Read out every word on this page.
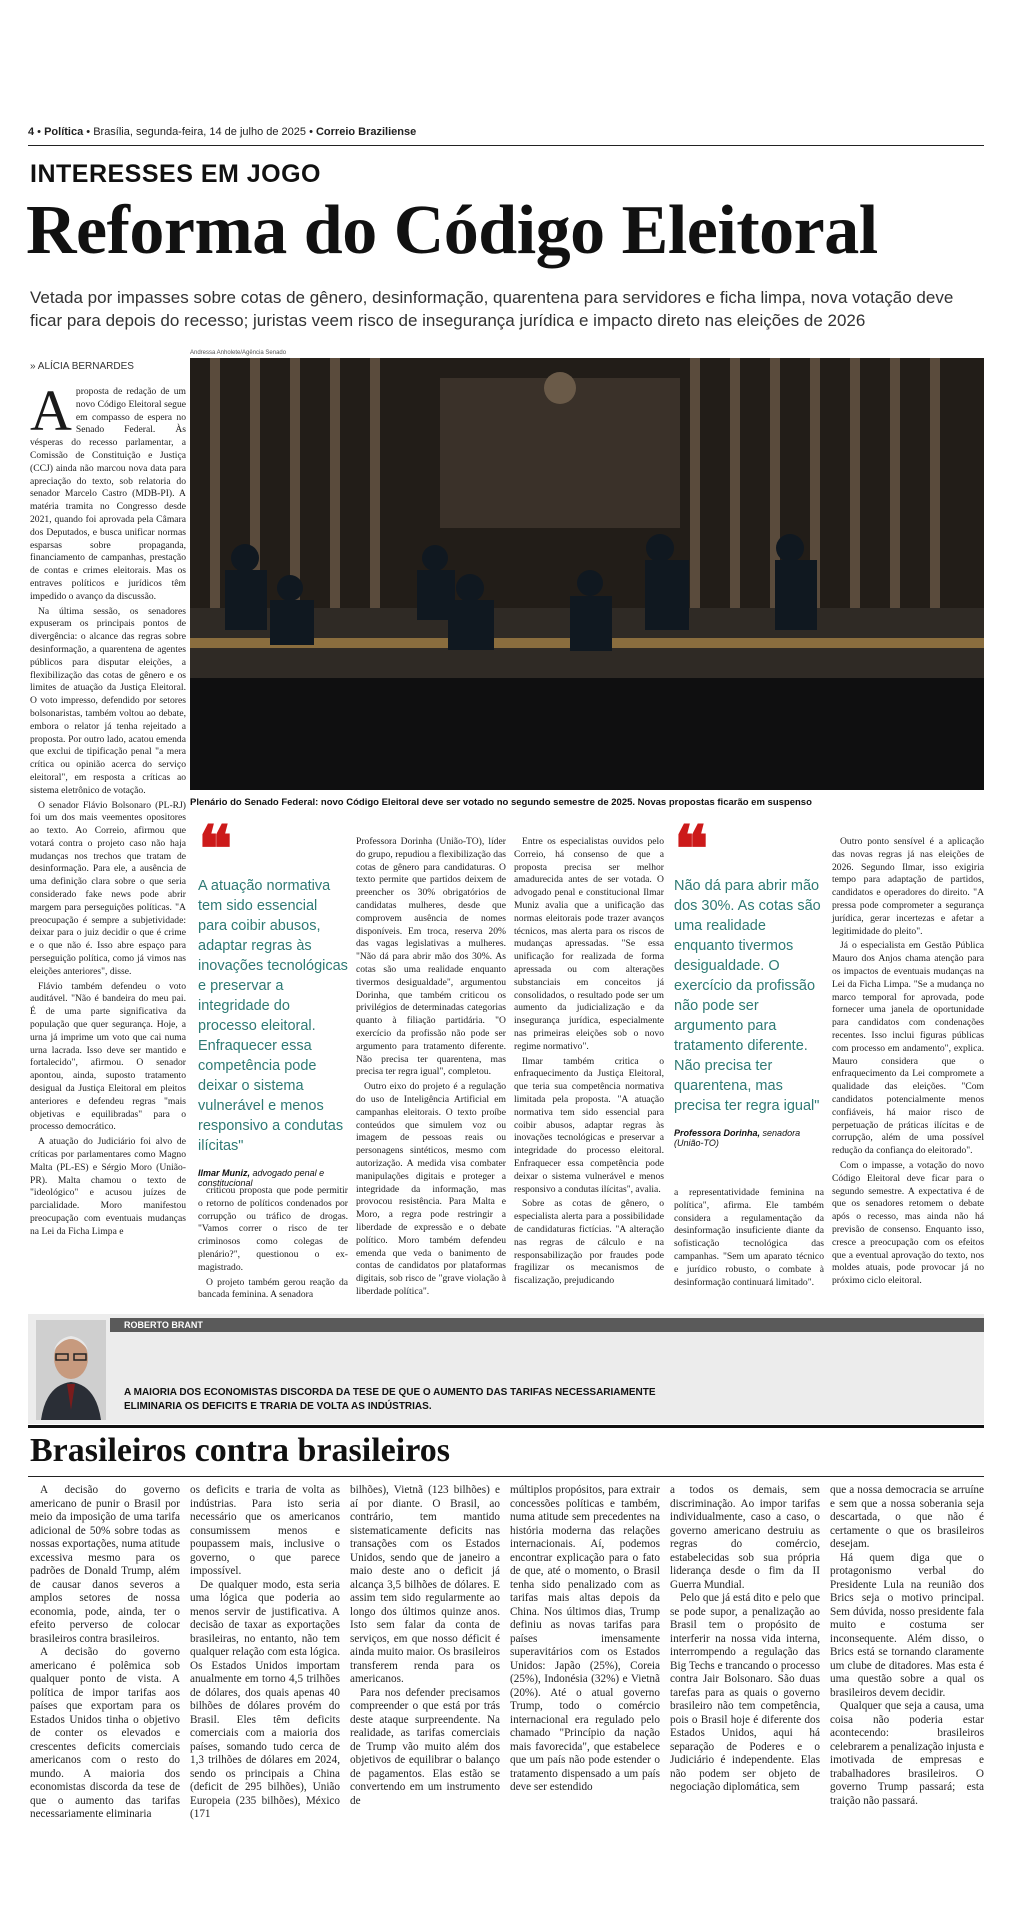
4 • Política • Brasília, segunda-feira, 14 de julho de 2025 • Correio Braziliense
INTERESSES EM JOGO
Reforma do Código Eleitoral
Vetada por impasses sobre cotas de gênero, desinformação, quarentena para servidores e ficha limpa, nova votação deve ficar para depois do recesso; juristas veem risco de insegurança jurídica e impacto direto nas eleições de 2026
» ALÍCIA BERNARDES
Andressa Anholete/Agência Senado
Plenário do Senado Federal: novo Código Eleitoral deve ser votado no segundo semestre de 2025. Novas propostas ficarão em suspenso

Aproposta de redação de um novo Código Eleitoral segue em compasso de espera no Senado Federal. Às vésperas do recesso parlamentar, a Comissão de Constituição e Justiça (CCJ) ainda não marcou nova data para apreciação do texto, sob relatoria do senador Marcelo Castro (MDB-PI). A matéria tramita no Congresso desde 2021, quando foi aprovada pela Câmara dos Deputados, e busca unificar normas esparsas sobre propaganda, financiamento de campanhas, prestação de contas e crimes eleitorais. Mas os entraves políticos e jurídicos têm impedido o avanço da discussão.

Na última sessão, os senadores expuseram os principais pontos de divergência: o alcance das regras sobre desinformação, a quarentena de agentes públicos para disputar eleições, a flexibilização das cotas de gênero e os limites de atuação da Justiça Eleitoral. O voto impresso, defendido por setores bolsonaristas, também voltou ao debate, embora o relator já tenha rejeitado a proposta. Por outro lado, acatou emenda que exclui de tipificação penal "a mera crítica ou opinião acerca do serviço eleitoral", em resposta a críticas ao sistema eletrônico de votação.

O senador Flávio Bolsonaro (PL-RJ) foi um dos mais veementes opositores ao texto. Ao Correio, afirmou que votará contra o projeto caso não haja mudanças nos trechos que tratam de desinformação. Para ele, a ausência de uma definição clara sobre o que seria considerado fake news pode abrir margem para perseguições políticas. "A preocupação é sempre a subjetividade: deixar para o juiz decidir o que é crime e o que não é. Isso abre espaço para perseguição política, como já vimos nas eleições anteriores", disse.

Flávio também defendeu o voto auditável. "Não é bandeira do meu pai. É de uma parte significativa da população que quer segurança. Hoje, a urna já imprime um voto que cai numa urna lacrada. Isso deve ser mantido e fortalecido", afirmou. O senador apontou, ainda, suposto tratamento desigual da Justiça Eleitoral em pleitos anteriores e defendeu regras "mais objetivas e equilibradas" para o processo democrático.

A atuação do Judiciário foi alvo de críticas por parlamentares como Magno Malta (PL-ES) e Sérgio Moro (União-PR). Malta chamou o texto de "ideológico" e acusou juízes de parcialidade. Moro manifestou preocupação com eventuais mudanças na Lei da Ficha Limpa e

❝
A atuação normativa tem sido essencial para coibir abusos, adaptar regras às inovações tecnológicas e preservar a integridade do processo eleitoral. Enfraquecer essa competência pode deixar o sistema vulnerável e menos responsivo a condutas ilícitas"
Ilmar Muniz, advogado penal e constitucional

criticou proposta que pode permitir o retorno de políticos condenados por corrupção ou tráfico de drogas. "Vamos correr o risco de ter criminosos como colegas de plenário?", questionou o ex-magistrado.

O projeto também gerou reação da bancada feminina. A senadora

Professora Dorinha (União-TO), líder do grupo, repudiou a flexibilização das cotas de gênero para candidaturas. O texto permite que partidos deixem de preencher os 30% obrigatórios de candidatas mulheres, desde que comprovem ausência de nomes disponíveis. Em troca, reserva 20% das vagas legislativas a mulheres. "Não dá para abrir mão dos 30%. As cotas são uma realidade enquanto tivermos desigualdade", argumentou Dorinha, que também criticou os privilégios de determinadas categorias quanto à filiação partidária. "O exercício da profissão não pode ser argumento para tratamento diferente. Não precisa ter quarentena, mas precisa ter regra igual", completou.

Outro eixo do projeto é a regulação do uso de Inteligência Artificial em campanhas eleitorais. O texto proíbe conteúdos que simulem voz ou imagem de pessoas reais ou personagens sintéticos, mesmo com autorização. A medida visa combater manipulações digitais e proteger a integridade da informação, mas provocou resistência. Para Malta e Moro, a regra pode restringir a liberdade de expressão e o debate político. Moro também defendeu emenda que veda o banimento de contas de candidatos por plataformas digitais, sob risco de "grave violação à liberdade política".

Entre os especialistas ouvidos pelo Correio, há consenso de que a proposta precisa ser melhor amadurecida antes de ser votada. O advogado penal e constitucional Ilmar Muniz avalia que a unificação das normas eleitorais pode trazer avanços técnicos, mas alerta para os riscos de mudanças apressadas. "Se essa unificação for realizada de forma apressada ou com alterações substanciais em conceitos já consolidados, o resultado pode ser um aumento da judicialização e da insegurança jurídica, especialmente nas primeiras eleições sob o novo regime normativo".

Ilmar também critica o enfraquecimento da Justiça Eleitoral, que teria sua competência normativa limitada pela proposta. "A atuação normativa tem sido essencial para coibir abusos, adaptar regras às inovações tecnológicas e preservar a integridade do processo eleitoral. Enfraquecer essa competência pode deixar o sistema vulnerável e menos responsivo a condutas ilícitas", avalia.

Sobre as cotas de gênero, o especialista alerta para a possibilidade de candidaturas fictícias. "A alteração nas regras de cálculo e na responsabilização por fraudes pode fragilizar os mecanismos de fiscalização, prejudicando

❝
Não dá para abrir mão dos 30%. As cotas são uma realidade enquanto tivermos desigualdade. O exercício da profissão não pode ser argumento para tratamento diferente. Não precisa ter quarentena, mas precisa ter regra igual"
Professora Dorinha, senadora (União-TO)

a representatividade feminina na política", afirma. Ele também considera a regulamentação da desinformação insuficiente diante da sofisticação tecnológica das campanhas. "Sem um aparato técnico e jurídico robusto, o combate à desinformação continuará limitado".

Outro ponto sensível é a aplicação das novas regras já nas eleições de 2026. Segundo Ilmar, isso exigiria tempo para adaptação de partidos, candidatos e operadores do direito. "A pressa pode comprometer a segurança jurídica, gerar incertezas e afetar a legitimidade do pleito".

Já o especialista em Gestão Pública Mauro dos Anjos chama atenção para os impactos de eventuais mudanças na Lei da Ficha Limpa. "Se a mudança no marco temporal for aprovada, pode fornecer uma janela de oportunidade para candidatos com condenações recentes. Isso inclui figuras públicas com processo em andamento", explica. Mauro considera que o enfraquecimento da Lei compromete a qualidade das eleições. "Com candidatos potencialmente menos confiáveis, há maior risco de perpetuação de práticas ilícitas e de corrupção, além de uma possível redução da confiança do eleitorado".

Com o impasse, a votação do novo Código Eleitoral deve ficar para o segundo semestre. A expectativa é de que os senadores retomem o debate após o recesso, mas ainda não há previsão de consenso. Enquanto isso, cresce a preocupação com os efeitos que a eventual aprovação do texto, nos moldes atuais, pode provocar já no próximo ciclo eleitoral.

ROBERTO BRANT
A MAIORIA DOS ECONOMISTAS DISCORDA DA TESE DE QUE O AUMENTO DAS TARIFAS NECESSARIAMENTE ELIMINARIA OS DEFICITS E TRARIA DE VOLTA AS INDÚSTRIAS.
Brasileiros contra brasileiros

A decisão do governo americano de punir o Brasil por meio da imposição de uma tarifa adicional de 50% sobre todas as nossas exportações, numa atitude excessiva mesmo para os padrões de Donald Trump, além de causar danos severos a amplos setores de nossa economia, pode, ainda, ter o efeito perverso de colocar brasileiros contra brasileiros.

A decisão do governo americano é polêmica sob qualquer ponto de vista. A política de impor tarifas aos países que exportam para os Estados Unidos tinha o objetivo de conter os elevados e crescentes deficits comerciais americanos com o resto do mundo. A maioria dos economistas discorda da tese de que o aumento das tarifas necessariamente eliminaria

os deficits e traria de volta as indústrias. Para isto seria necessário que os americanos consumissem menos e poupassem mais, inclusive o governo, o que parece impossível.

De qualquer modo, esta seria uma lógica que poderia ao menos servir de justificativa. A decisão de taxar as exportações brasileiras, no entanto, não tem qualquer relação com esta lógica. Os Estados Unidos importam anualmente em torno 4,5 trilhões de dólares, dos quais apenas 40 bilhões de dólares provém do Brasil. Eles têm deficits comerciais com a maioria dos países, somando tudo cerca de 1,3 trilhões de dólares em 2024, sendo os principais a China (deficit de 295 bilhões), União Europeia (235 bilhões), México (171

bilhões), Vietnã (123 bilhões) e aí por diante. O Brasil, ao contrário, tem mantido sistematicamente deficits nas transações com os Estados Unidos, sendo que de janeiro a maio deste ano o deficit já alcança 3,5 bilhões de dólares. E assim tem sido regularmente ao longo dos últimos quinze anos. Isto sem falar da conta de serviços, em que nosso déficit é ainda muito maior. Os brasileiros transferem renda para os americanos.

Para nos defender precisamos compreender o que está por trás deste ataque surpreendente. Na realidade, as tarifas comerciais de Trump vão muito além dos objetivos de equilibrar o balanço de pagamentos. Elas estão se convertendo em um instrumento de

múltiplos propósitos, para extrair concessões políticas e também, numa atitude sem precedentes na história moderna das relações internacionais. Aí, podemos encontrar explicação para o fato de que, até o momento, o Brasil tenha sido penalizado com as tarifas mais altas depois da China. Nos últimos dias, Trump definiu as novas tarifas para países imensamente superavitários com os Estados Unidos: Japão (25%), Coreia (25%), Indonésia (32%) e Vietnã (20%). Até o atual governo Trump, todo o comércio internacional era regulado pelo chamado "Princípio da nação mais favorecida", que estabelece que um país não pode estender o tratamento dispensado a um país deve ser estendido

a todos os demais, sem discriminação. Ao impor tarifas individualmente, caso a caso, o governo americano destruiu as regras do comércio, estabelecidas sob sua própria liderança desde o fim da II Guerra Mundial.

Pelo que já está dito e pelo que se pode supor, a penalização ao Brasil tem o propósito de interferir na nossa vida interna, interrompendo a regulação das Big Techs e trancando o processo contra Jair Bolsonaro. São duas tarefas para as quais o governo brasileiro não tem competência, pois o Brasil hoje é diferente dos Estados Unidos, aqui há separação de Poderes e o Judiciário é independente. Elas não podem ser objeto de negociação diplomática, sem

que a nossa democracia se arruíne e sem que a nossa soberania seja descartada, o que não é certamente o que os brasileiros desejam.

Há quem diga que o protagonismo verbal do Presidente Lula na reunião dos Brics seja o motivo principal. Sem dúvida, nosso presidente fala muito e costuma ser inconsequente. Além disso, o Brics está se tornando claramente um clube de ditadores. Mas esta é uma questão sobre a qual os brasileiros devem decidir.

Qualquer que seja a causa, uma coisa não poderia estar acontecendo: brasileiros celebrarem a penalização injusta e imotivada de empresas e trabalhadores brasileiros. O governo Trump passará; esta traição não passará.
